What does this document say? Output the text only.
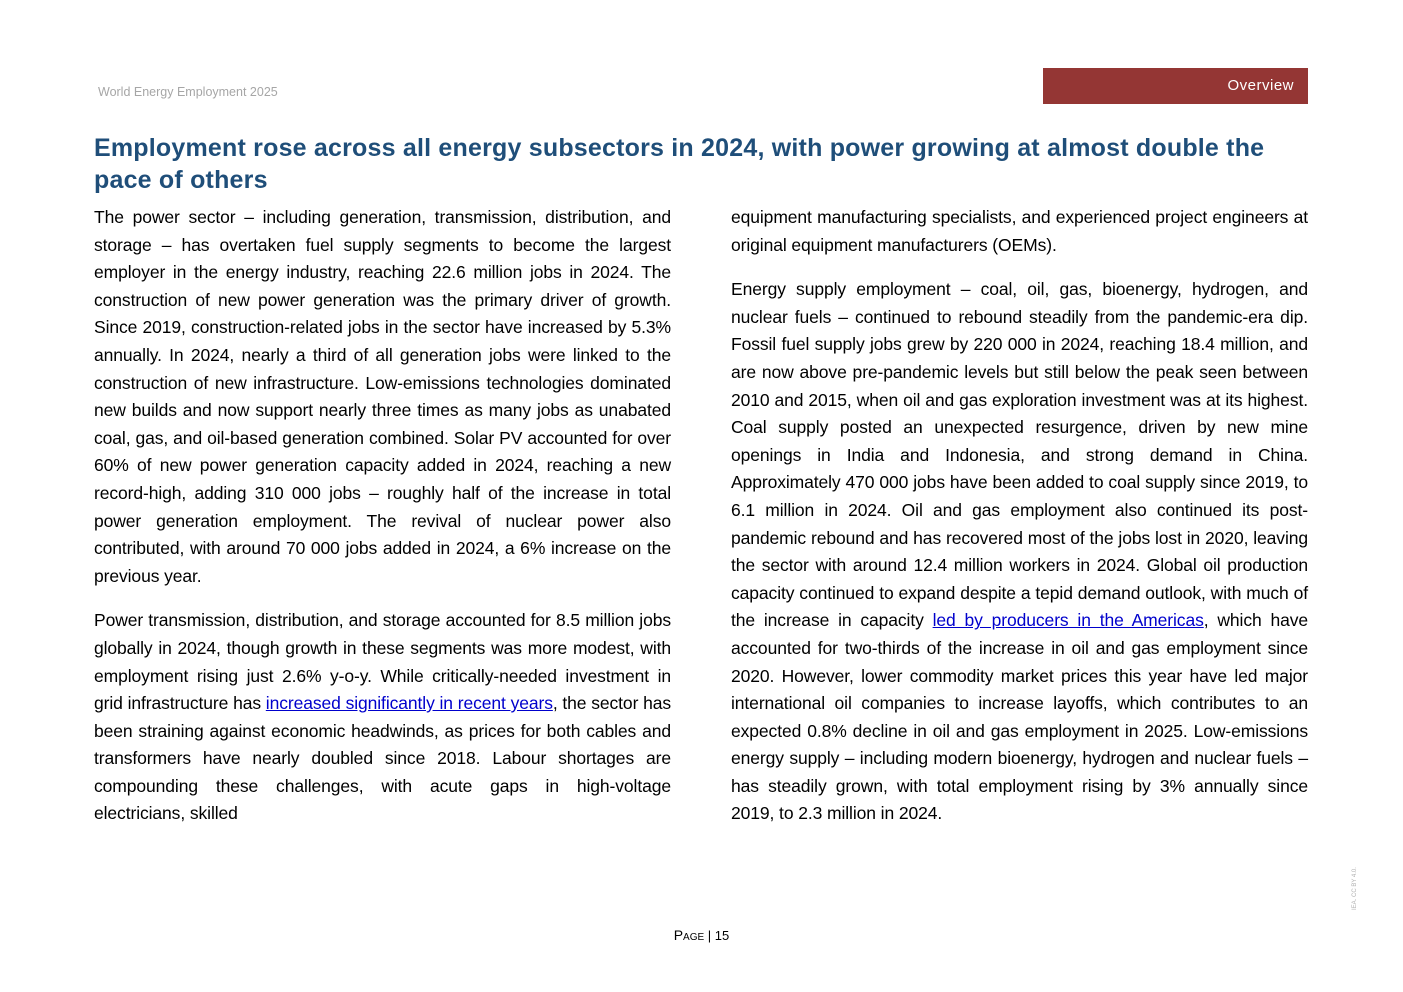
World Energy Employment 2025	Overview
Employment rose across all energy subsectors in 2024, with power growing at almost double the pace of others

The power sector – including generation, transmission, distribution, and storage – has overtaken fuel supply segments to become the largest employer in the energy industry, reaching 22.6 million jobs in 2024. The construction of new power generation was the primary driver of growth. Since 2019, construction-related jobs in the sector have increased by 5.3% annually. In 2024, nearly a third of all generation jobs were linked to the construction of new infrastructure. Low-emissions technologies dominated new builds and now support nearly three times as many jobs as unabated coal, gas, and oil-based generation combined. Solar PV accounted for over 60% of new power generation capacity added in 2024, reaching a new record-high, adding 310 000 jobs – roughly half of the increase in total power generation employment. The revival of nuclear power also contributed, with around 70 000 jobs added in 2024, a 6% increase on the previous year.

Power transmission, distribution, and storage accounted for 8.5 million jobs globally in 2024, though growth in these segments was more modest, with employment rising just 2.6% y-o-y. While critically-needed investment in grid infrastructure has increased significantly in recent years, the sector has been straining against economic headwinds, as prices for both cables and transformers have nearly doubled since 2018. Labour shortages are compounding these challenges, with acute gaps in high-voltage electricians, skilled

equipment manufacturing specialists, and experienced project engineers at original equipment manufacturers (OEMs).

Energy supply employment – coal, oil, gas, bioenergy, hydrogen, and nuclear fuels – continued to rebound steadily from the pandemic-era dip. Fossil fuel supply jobs grew by 220 000 in 2024, reaching 18.4 million, and are now above pre-pandemic levels but still below the peak seen between 2010 and 2015, when oil and gas exploration investment was at its highest. Coal supply posted an unexpected resurgence, driven by new mine openings in India and Indonesia, and strong demand in China. Approximately 470 000 jobs have been added to coal supply since 2019, to 6.1 million in 2024. Oil and gas employment also continued its post-pandemic rebound and has recovered most of the jobs lost in 2020, leaving the sector with around 12.4 million workers in 2024. Global oil production capacity continued to expand despite a tepid demand outlook, with much of the increase in capacity led by producers in the Americas, which have accounted for two-thirds of the increase in oil and gas employment since 2020. However, lower commodity market prices this year have led major international oil companies to increase layoffs, which contributes to an expected 0.8% decline in oil and gas employment in 2025. Low-emissions energy supply – including modern bioenergy, hydrogen and nuclear fuels – has steadily grown, with total employment rising by 3% annually since 2019, to 2.3 million in 2024.

Page | 15

IEA. CC BY 4.0.
